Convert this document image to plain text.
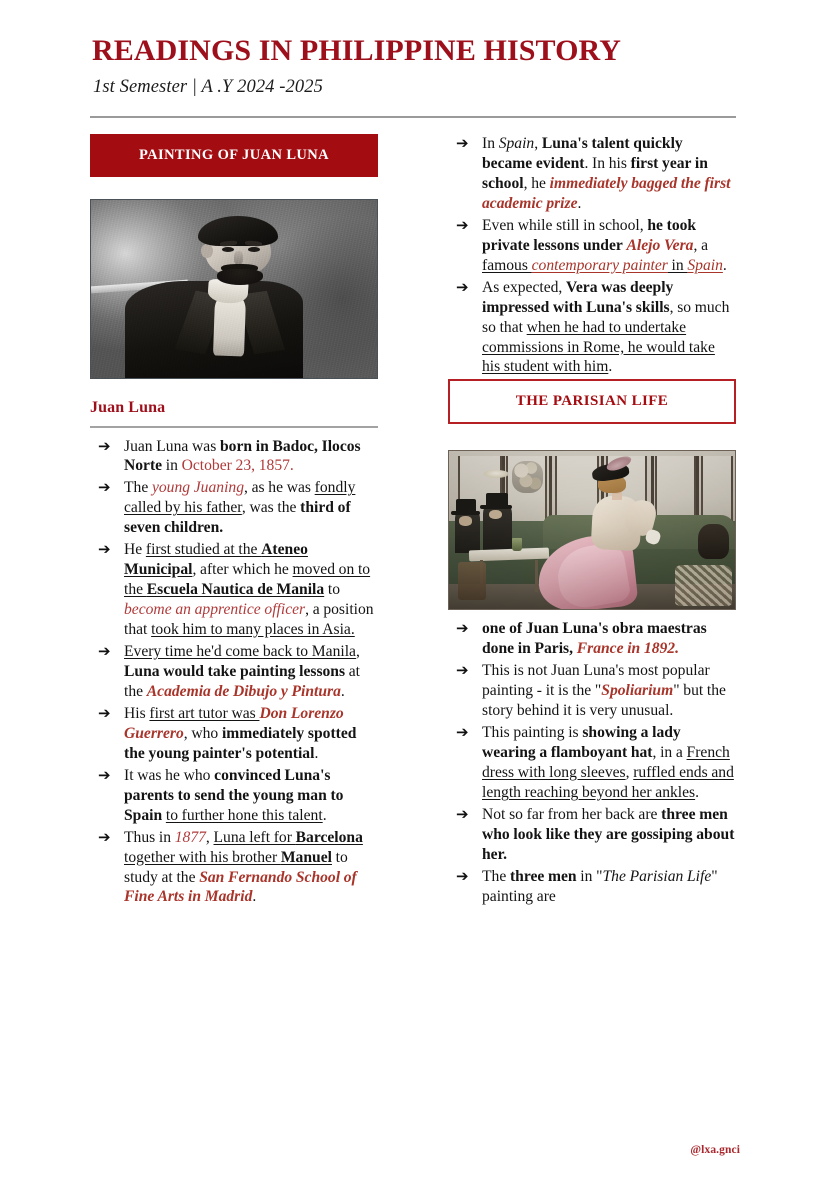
READINGS IN PHILIPPINE HISTORY
1st Semester | A .Y 2024 -2025
PAINTING OF JUAN LUNA
Juan Luna
➔ Juan Luna was born in Badoc, Ilocos Norte in October 23, 1857.
➔ The young Juaning, as he was fondly called by his father, was the third of seven children.
➔ He first studied at the Ateneo Municipal, after which he moved on to the Escuela Nautica de Manila to become an apprentice officer, a position that took him to many places in Asia.
➔ Every time he'd come back to Manila, Luna would take painting lessons at the Academia de Dibujo y Pintura.
➔ His first art tutor was Don Lorenzo Guerrero, who immediately spotted the young painter's potential.
➔ It was he who convinced Luna's parents to send the young man to Spain to further hone this talent.
➔ Thus in 1877, Luna left for Barcelona together with his brother Manuel to study at the San Fernando School of Fine Arts in Madrid.
➔ In Spain, Luna's talent quickly became evident. In his first year in school, he immediately bagged the first academic prize.
➔ Even while still in school, he took private lessons under Alejo Vera, a famous contemporary painter in Spain.
➔ As expected, Vera was deeply impressed with Luna's skills, so much so that when he had to undertake commissions in Rome, he would take his student with him.
THE PARISIAN LIFE
➔ one of Juan Luna's obra maestras done in Paris, France in 1892.
➔ This is not Juan Luna's most popular painting - it is the "Spoliarium" but the story behind it is very unusual.
➔ This painting is showing a lady wearing a flamboyant hat, in a French dress with long sleeves, ruffled ends and length reaching beyond her ankles.
➔ Not so far from her back are three men who look like they are gossiping about her.
➔ The three men in "The Parisian Life" painting are
@lxa.gnci
